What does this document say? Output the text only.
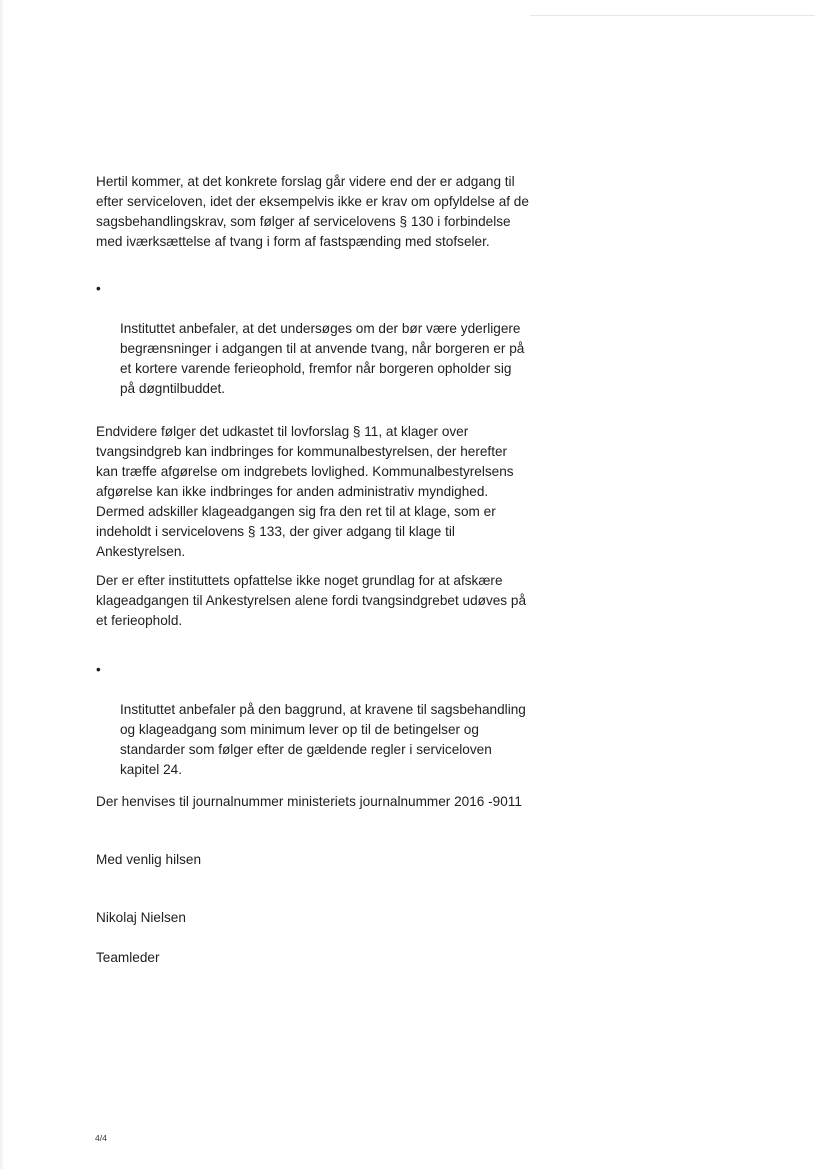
Hertil kommer, at det konkrete forslag går videre end der er adgang til
efter serviceloven, idet der eksempelvis ikke er krav om opfyldelse af de
sagsbehandlingskrav, som følger af servicelovens § 130 i forbindelse
med iværksættelse af tvang i form af fastspænding med stofseler.

•

Instituttet anbefaler, at det undersøges om der bør være yderligere
begrænsninger i adgangen til at anvende tvang, når borgeren er på
et kortere varende ferieophold, fremfor når borgeren opholder sig
på døgntilbuddet.

Endvidere følger det udkastet til lovforslag § 11, at klager over
tvangsindgreb kan indbringes for kommunalbestyrelsen, der herefter
kan træffe afgørelse om indgrebets lovlighed. Kommunalbestyrelsens
afgørelse kan ikke indbringes for anden administrativ myndighed.
Dermed adskiller klageadgangen sig fra den ret til at klage, som er
indeholdt i servicelovens § 133, der giver adgang til klage til
Ankestyrelsen.

Der er efter instituttets opfattelse ikke noget grundlag for at afskære
klageadgangen til Ankestyrelsen alene fordi tvangsindgrebet udøves på
et ferieophold.

•

Instituttet anbefaler på den baggrund, at kravene til sagsbehandling
og klageadgang som minimum lever op til de betingelser og
standarder som følger efter de gældende regler i serviceloven
kapitel 24.

Der henvises til journalnummer ministeriets journalnummer 2016 -9011

Med venlig hilsen

Nikolaj Nielsen

Teamleder

4/4
